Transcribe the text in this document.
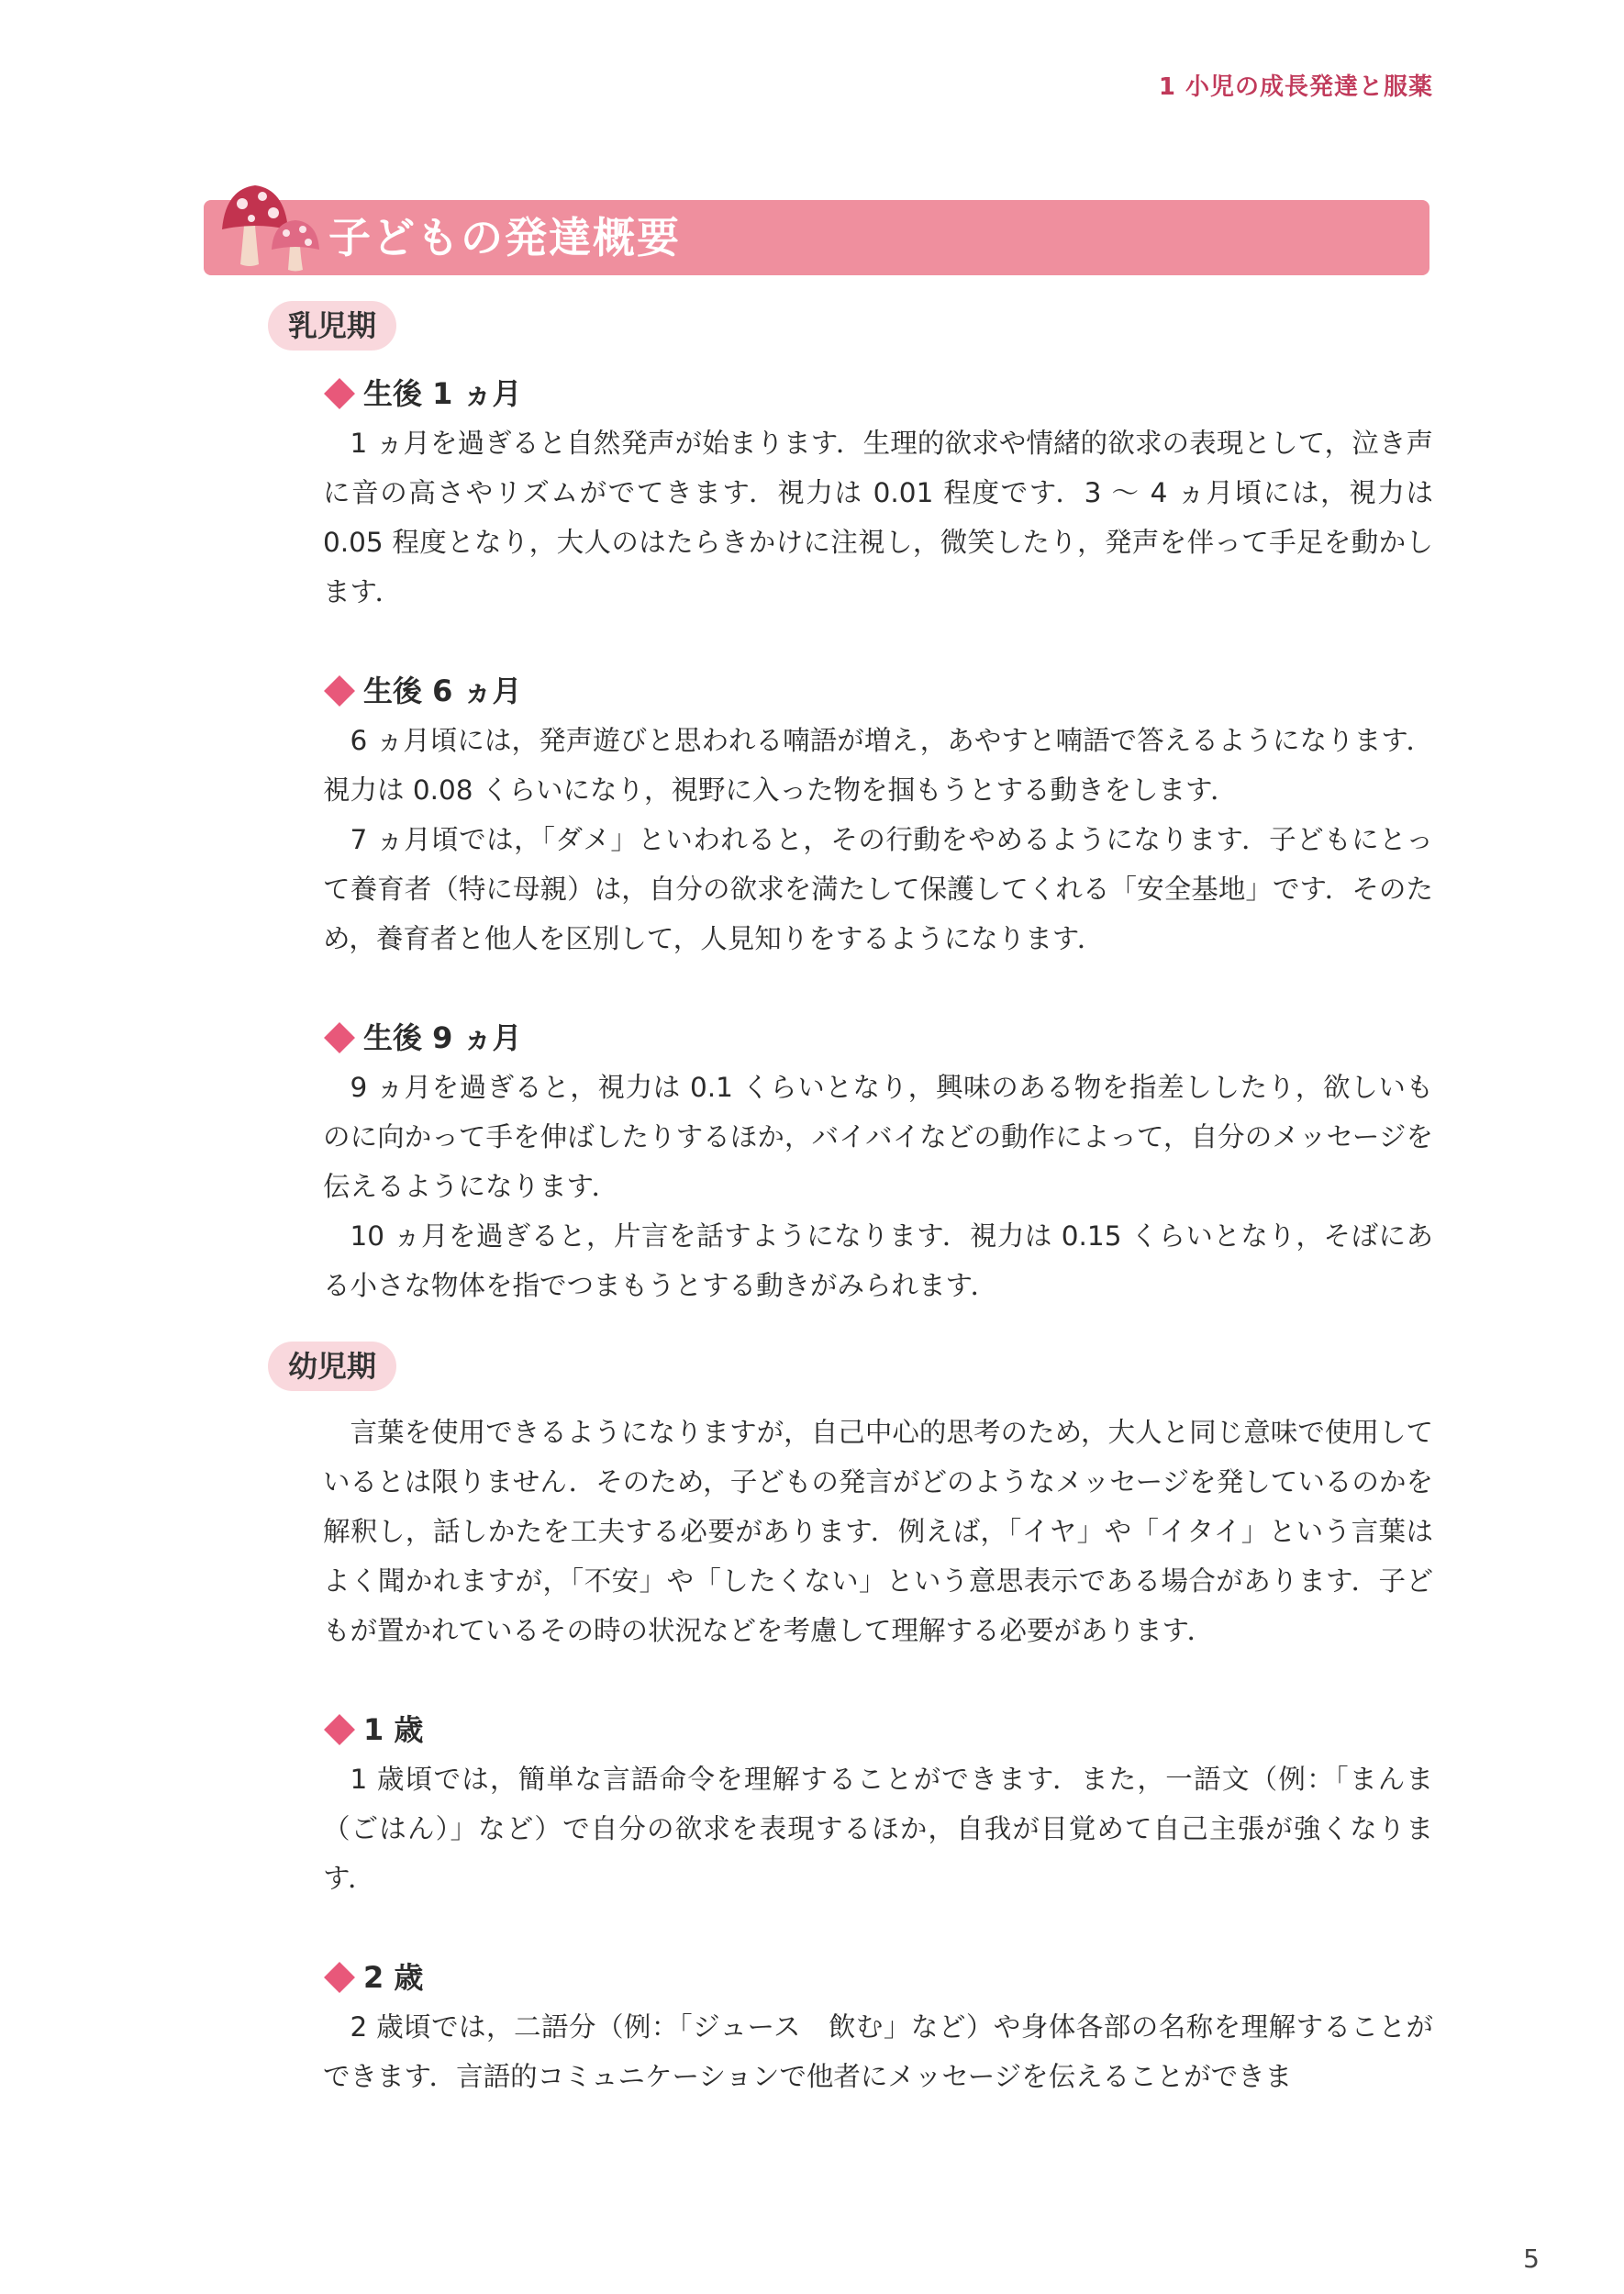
1 小児の成長発達と服薬
子どもの発達概要
乳児期
生後 1 ヵ月

1 ヵ月を過ぎると自然発声が始まります．生理的欲求や情緒的欲求の表現として，泣き声に音の高さやリズムがでてきます．視力は 0.01 程度です．3 〜 4 ヵ月頃には，視力は 0.05 程度となり，大人のはたらきかけに注視し，微笑したり，発声を伴って手足を動かします．

生後 6 ヵ月

6 ヵ月頃には，発声遊びと思われる喃語が増え，あやすと喃語で答えるようになります．視力は 0.08 くらいになり，視野に入った物を掴もうとする動きをします．

7 ヵ月頃では，「ダメ」といわれると，その行動をやめるようになります．子どもにとって養育者（特に母親）は，自分の欲求を満たして保護してくれる「安全基地」です．そのため，養育者と他人を区別して，人見知りをするようになります．

生後 9 ヵ月

9 ヵ月を過ぎると，視力は 0.1 くらいとなり，興味のある物を指差ししたり，欲しいものに向かって手を伸ばしたりするほか，バイバイなどの動作によって，自分のメッセージを伝えるようになります．

10 ヵ月を過ぎると，片言を話すようになります．視力は 0.15 くらいとなり，そばにある小さな物体を指でつまもうとする動きがみられます．

幼児期

言葉を使用できるようになりますが，自己中心的思考のため，大人と同じ意味で使用しているとは限りません．そのため，子どもの発言がどのようなメッセージを発しているのかを解釈し，話しかたを工夫する必要があります．例えば，「イヤ」や「イタイ」という言葉はよく聞かれますが，「不安」や「したくない」という意思表示である場合があります．子どもが置かれているその時の状況などを考慮して理解する必要があります．

1 歳

1 歳頃では，簡単な言語命令を理解することができます．また，一語文（例：「まんま（ごはん）」など）で自分の欲求を表現するほか，自我が目覚めて自己主張が強くなります．

2 歳

2 歳頃では，二語分（例：「ジュース　飲む」など）や身体各部の名称を理解することができます．言語的コミュニケーションで他者にメッセージを伝えることができま

5
